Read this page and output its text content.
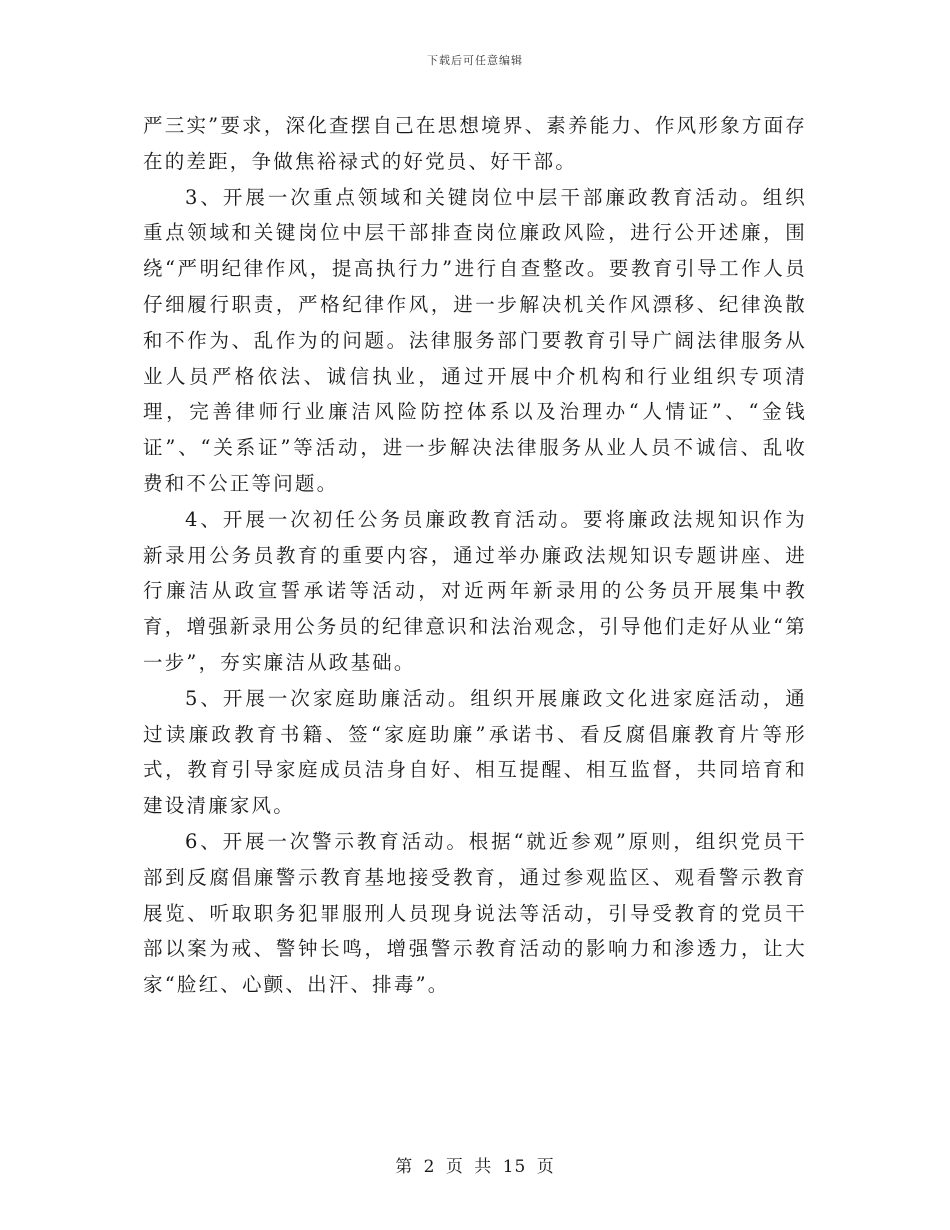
下载后可任意编辑

严三实”要求，深化查摆自己在思想境界、素养能力、作风形象方面存在的差距，争做焦裕禄式的好党员、好干部。

3、开展一次重点领域和关键岗位中层干部廉政教育活动。组织重点领域和关键岗位中层干部排查岗位廉政风险，进行公开述廉，围绕“严明纪律作风，提高执行力”进行自查整改。要教育引导工作人员仔细履行职责，严格纪律作风，进一步解决机关作风漂移、纪律涣散和不作为、乱作为的问题。法律服务部门要教育引导广阔法律服务从业人员严格依法、诚信执业，通过开展中介机构和行业组织专项清理，完善律师行业廉洁风险防控体系以及治理办“人情证”、“金钱证”、“关系证”等活动，进一步解决法律服务从业人员不诚信、乱收费和不公正等问题。

4、开展一次初任公务员廉政教育活动。要将廉政法规知识作为新录用公务员教育的重要内容，通过举办廉政法规知识专题讲座、进行廉洁从政宣誓承诺等活动，对近两年新录用的公务员开展集中教育，增强新录用公务员的纪律意识和法治观念，引导他们走好从业“第一步”，夯实廉洁从政基础。

5、开展一次家庭助廉活动。组织开展廉政文化进家庭活动，通过读廉政教育书籍、签“家庭助廉”承诺书、看反腐倡廉教育片等形式，教育引导家庭成员洁身自好、相互提醒、相互监督，共同培育和建设清廉家风。

6、开展一次警示教育活动。根据“就近参观”原则，组织党员干部到反腐倡廉警示教育基地接受教育，通过参观监区、观看警示教育展览、听取职务犯罪服刑人员现身说法等活动，引导受教育的党员干部以案为戒、警钟长鸣，增强警示教育活动的影响力和渗透力，让大家“脸红、心颤、出汗、排毒”。

第 2 页 共 15 页
